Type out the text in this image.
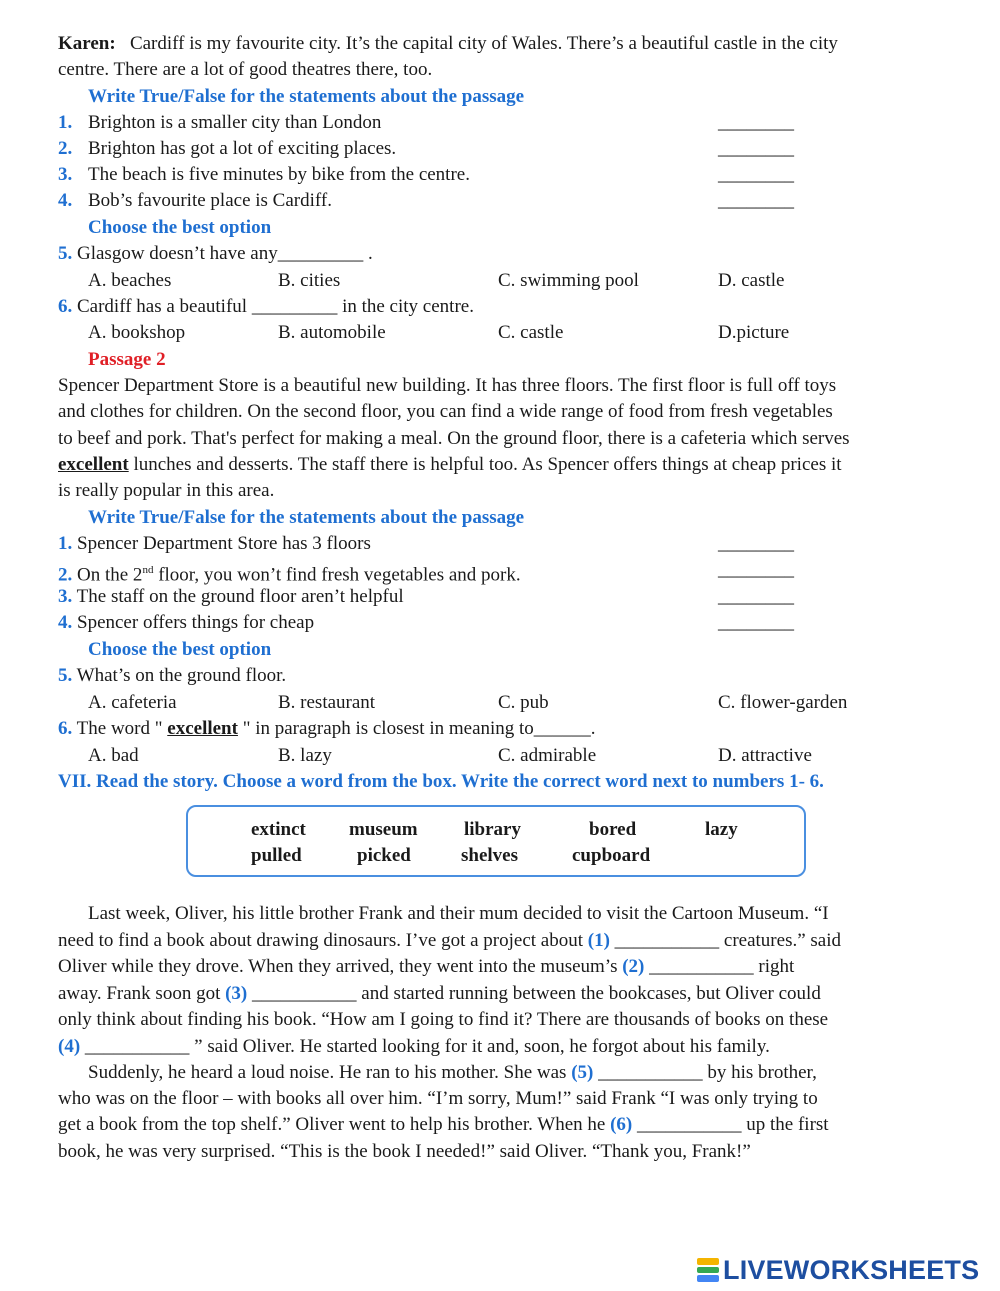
Karen: Cardiff is my favourite city. It’s the capital city of Wales. There’s a beautiful castle in the city
centre. There are a lot of good theatres there, too.
Write True/False for the statements about the passage
1. Brighton is a smaller city than London	________
2. Brighton has got a lot of exciting places.	________
3. The beach is five minutes by bike from the centre.	________
4. Bob’s favourite place is Cardiff.	________
Choose the best option
5. Glasgow doesn’t have any_________ .
A. beaches	B. cities	C. swimming pool	D. castle
6. Cardiff has a beautiful _________ in the city centre.
A. bookshop	B. automobile	C. castle	D.picture
Passage 2
Spencer Department Store is a beautiful new building. It has three floors. The first floor is full off toys
and clothes for children. On the second floor, you can find a wide range of food from fresh vegetables
to beef and pork. That's perfect for making a meal. On the ground floor, there is a cafeteria which serves
excellent lunches and desserts. The staff there is helpful too. As Spencer offers things at cheap prices it
is really popular in this area.
Write True/False for the statements about the passage
1. Spencer Department Store has 3 floors	________
2. On the 2nd floor, you won’t find fresh vegetables and pork.	________
3. The staff on the ground floor aren’t helpful	________
4. Spencer offers things for cheap	________
Choose the best option
5. What’s on the ground floor.
A. cafeteria	B. restaurant	C. pub	C. flower-garden
6. The word " excellent " in paragraph is closest in meaning to______.
A. bad	B. lazy	C. admirable	D. attractive
VII. Read the story. Choose a word from the box. Write the correct word next to numbers 1- 6.
extinct museum library	bored	lazy
pulled	picked	shelves	cupboard
Last week, Oliver, his little brother Frank and their mum decided to visit the Cartoon Museum. “I
need to find a book about drawing dinosaurs. I’ve got a project about (1) ___________ creatures.” said
Oliver while they drove. When they arrived, they went into the museum’s (2) ___________ right
away. Frank soon got (3) ___________ and started running between the bookcases, but Oliver could
only think about finding his book. “How am I going to find it? There are thousands of books on these
(4) ___________ ” said Oliver. He started looking for it and, soon, he forgot about his family.
Suddenly, he heard a loud noise. He ran to his mother. She was (5) ___________ by his brother,
who was on the floor – with books all over him. “I’m sorry, Mum!” said Frank “I was only trying to
get a book from the top shelf.” Oliver went to help his brother. When he (6) ___________ up the first
book, he was very surprised. “This is the book I needed!” said Oliver. “Thank you, Frank!”
LIVEWORKSHEETS
